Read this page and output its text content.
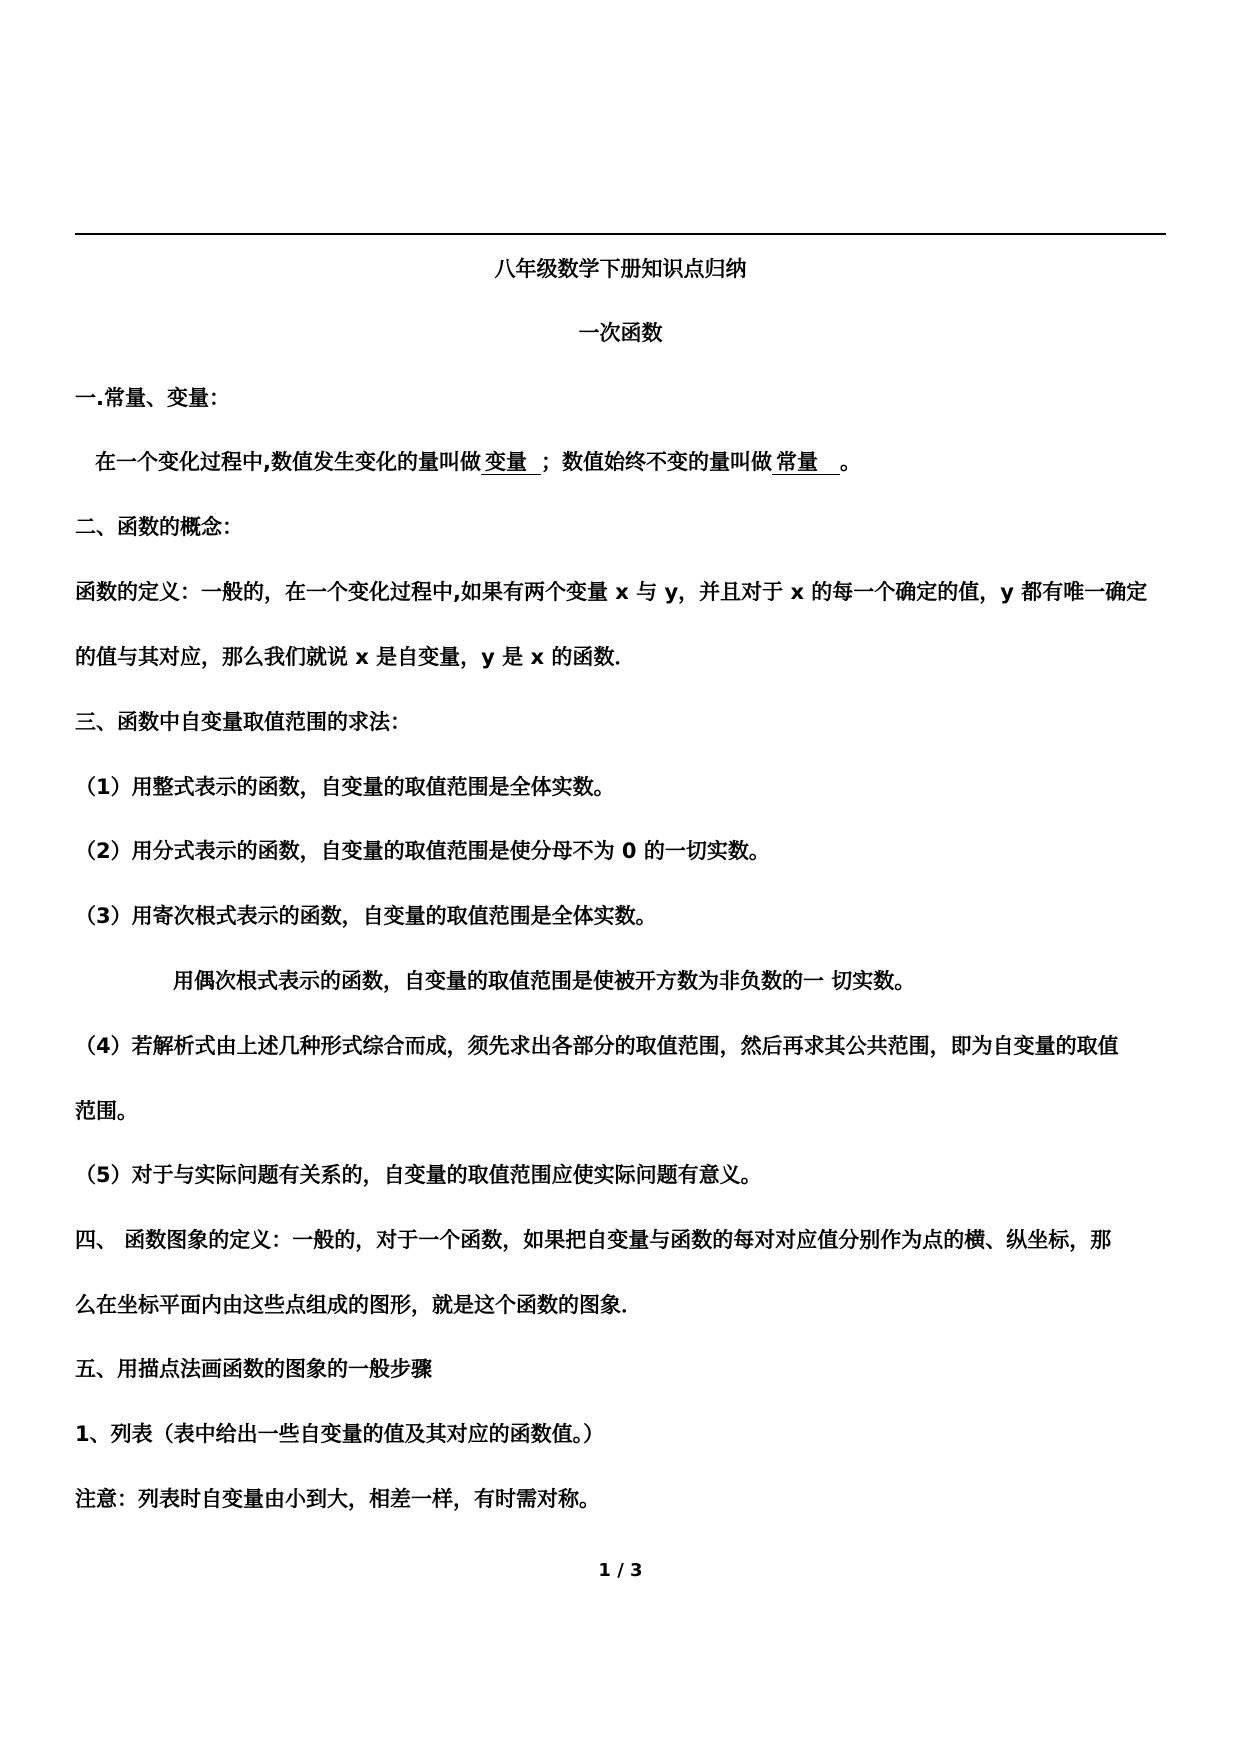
八年级数学下册知识点归纳
一次函数
一.常量、变量：
在一个变化过程中,数值发生变化的量叫做 变量 ；数值始终不变的量叫做 常量 。
二、函数的概念：
函数的定义：一般的，在一个变化过程中,如果有两个变量 x 与 y，并且对于 x 的每一个确定的值，y 都有唯一确定
的值与其对应，那么我们就说 x 是自变量，y 是 x 的函数．
三、函数中自变量取值范围的求法：
（1）用整式表示的函数，自变量的取值范围是全体实数。
（2）用分式表示的函数，自变量的取值范围是使分母不为 0 的一切实数。
（3）用寄次根式表示的函数，自变量的取值范围是全体实数。
用偶次根式表示的函数，自变量的取值范围是使被开方数为非负数的一 切实数。
（4）若解析式由上述几种形式综合而成，须先求出各部分的取值范围，然后再求其公共范围，即为自变量的取值
范围。
（5）对于与实际问题有关系的，自变量的取值范围应使实际问题有意义。
四、 函数图象的定义：一般的，对于一个函数，如果把自变量与函数的每对对应值分别作为点的横、纵坐标，那
么在坐标平面内由这些点组成的图形，就是这个函数的图象．
五、用描点法画函数的图象的一般步骤
1、列表（表中给出一些自变量的值及其对应的函数值。）
注意：列表时自变量由小到大，相差一样，有时需对称。
1 / 3
